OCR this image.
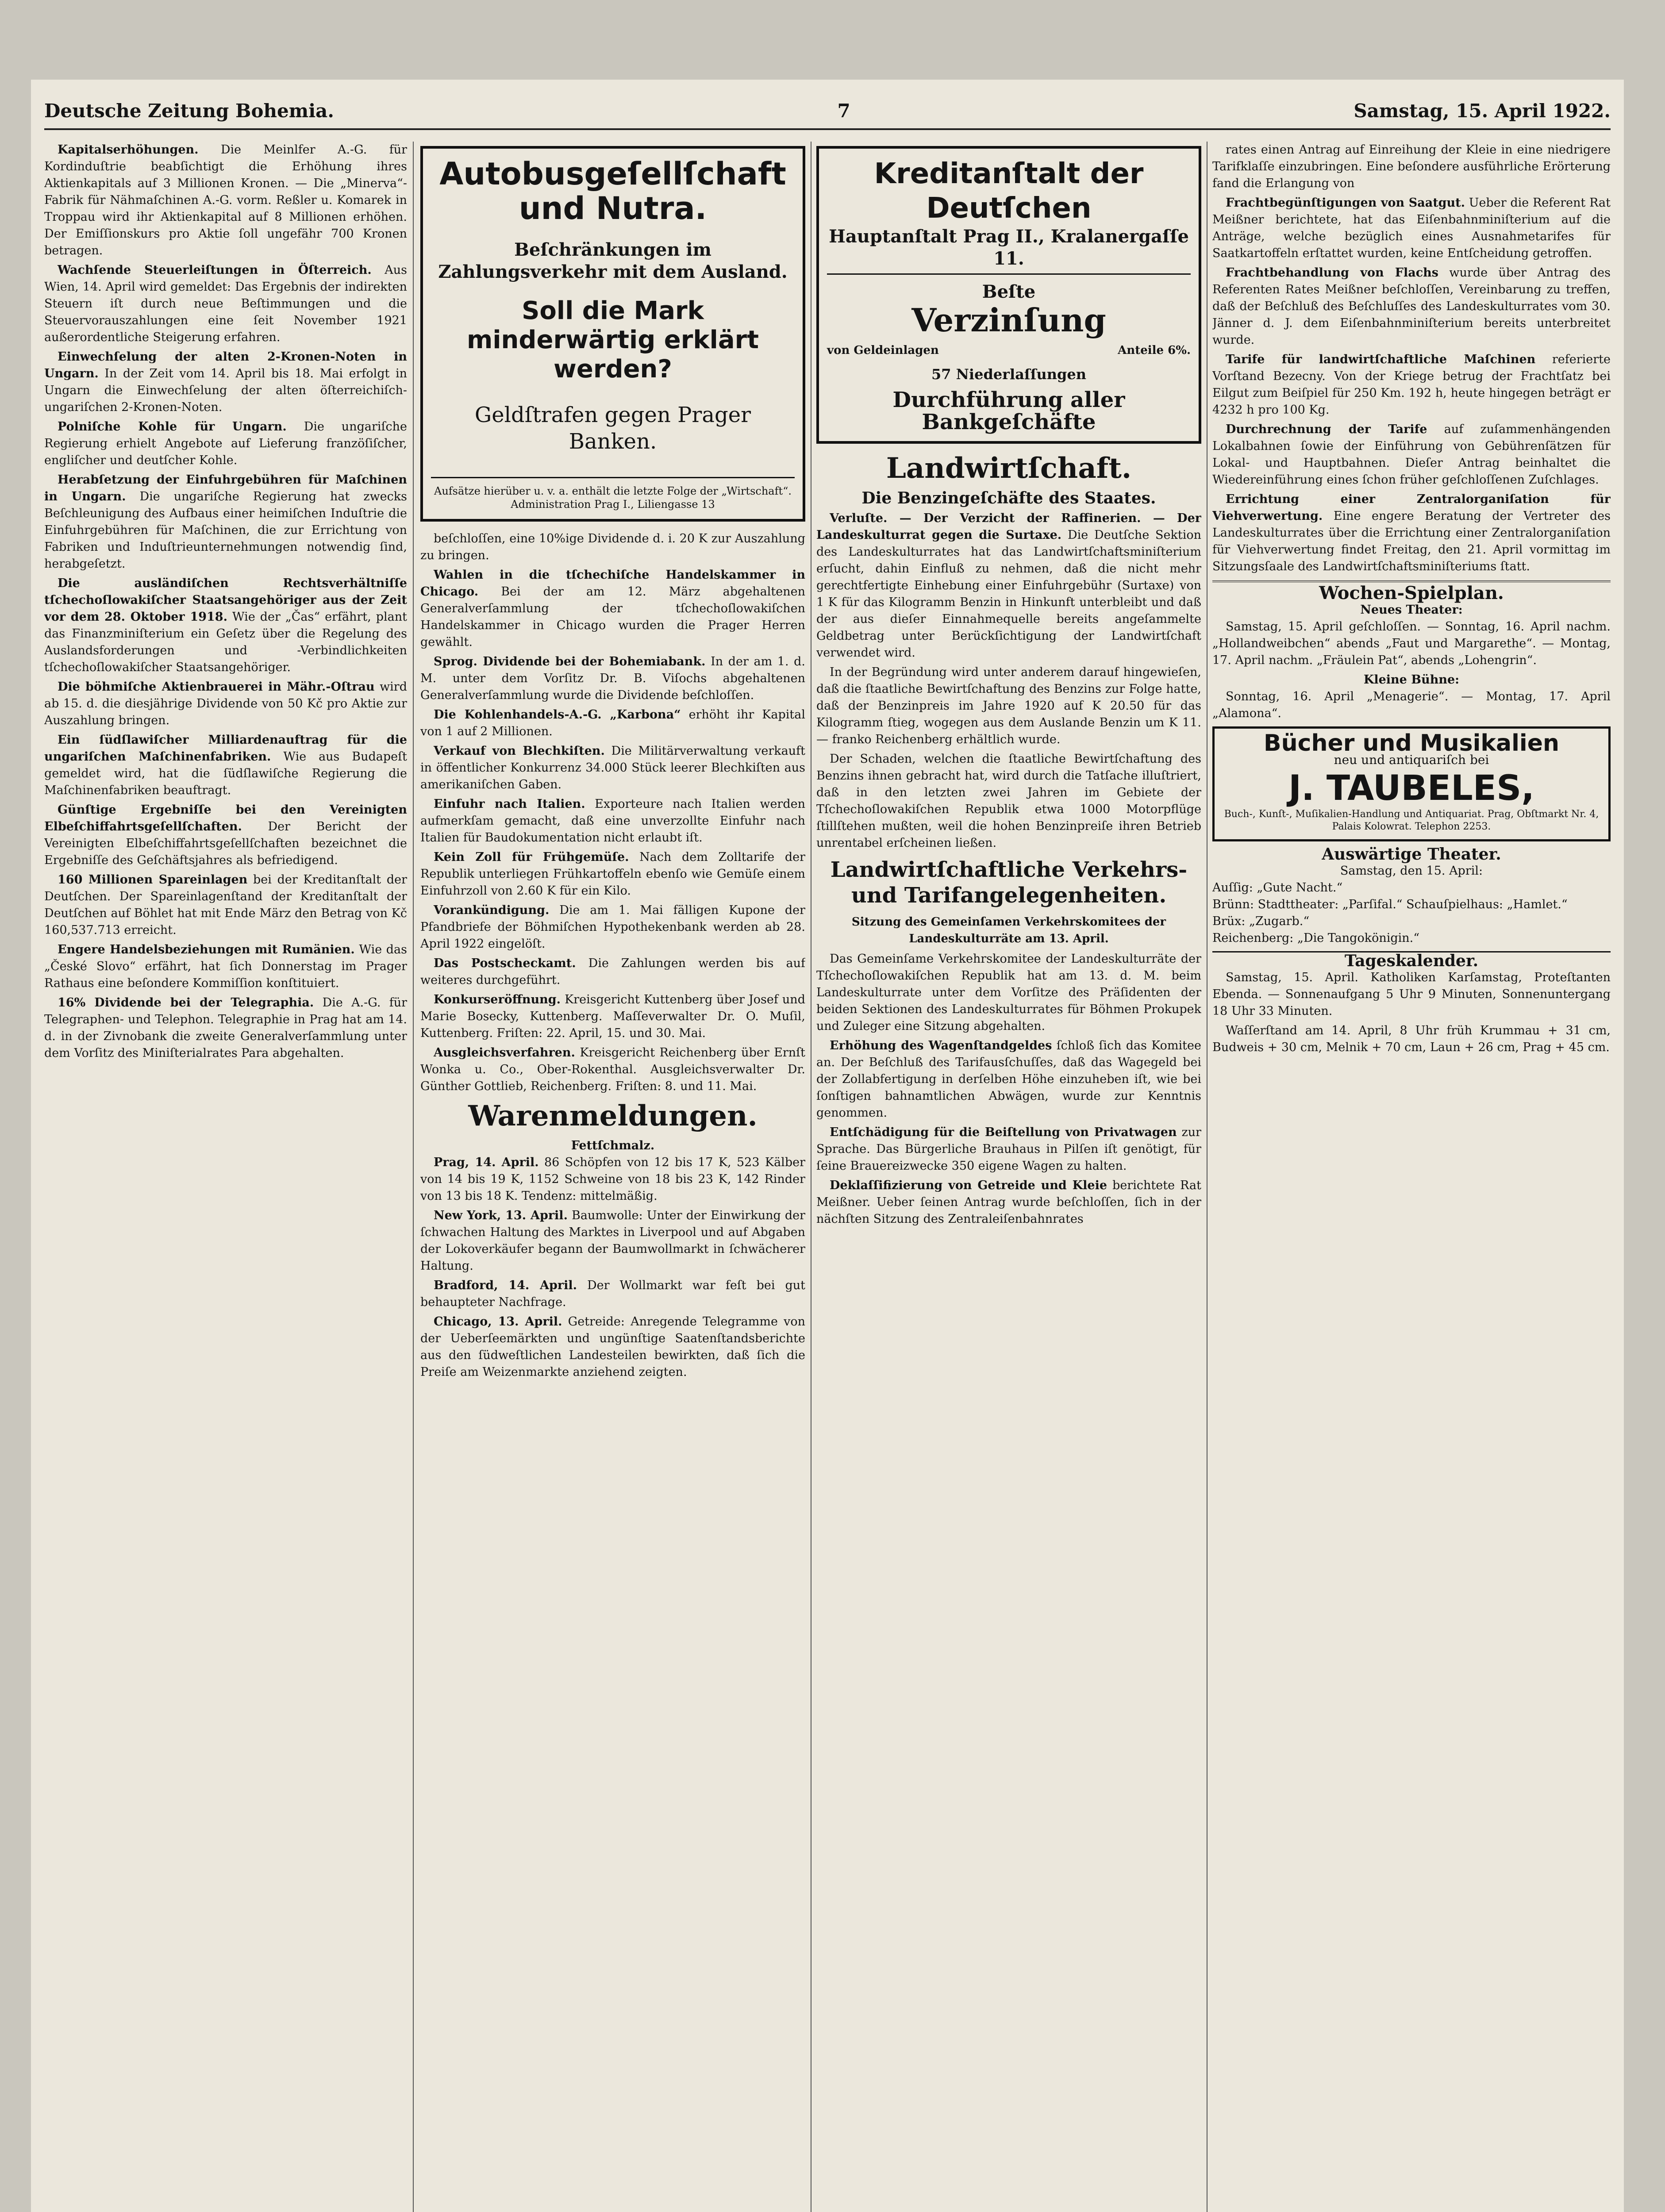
Deutsche Zeitung Bohemia.	7	Samstag, 15. April 1922.

Kapitalserhöhungen. Die Meinlfer A.-G. für Kordinduſtrie beabſichtigt die Erhöhung ihres Aktienkapitals auf 3 Millionen Kronen. — Die „Minerva“-Fabrik für Nähmaſchinen A.-G. vorm. Reßler u. Komarek in Troppau wird ihr Aktienkapital auf 8 Millionen erhöhen. Der Emiſſionskurs pro Aktie ſoll ungefähr 700 Kronen betragen.

Wachſende Steuerleiſtungen in Öſterreich. Aus Wien, 14. April wird gemeldet: Das Ergebnis der indirekten Steuern iſt durch neue Beſtimmungen und die Steuervorauszahlungen eine ſeit November 1921 außerordentliche Steigerung erfahren.

Einwechſelung der alten 2-Kronen-Noten in Ungarn. In der Zeit vom 14. April bis 18. Mai erfolgt in Ungarn die Einwechſelung der alten öſterreichiſch-ungariſchen 2-Kronen-Noten.

Polniſche Kohle für Ungarn. Die ungariſche Regierung erhielt Angebote auf Lieferung franzöſiſcher, engliſcher und deutſcher Kohle.

Herabſetzung der Einfuhrgebühren für Maſchinen in Ungarn. Die ungariſche Regierung hat zwecks Beſchleunigung des Aufbaus einer heimiſchen Induſtrie die Einfuhrgebühren für Maſchinen, die zur Errichtung von Fabriken und Induſtrieunternehmungen notwendig ſind, herabgeſetzt.

Die ausländiſchen Rechtsverhältniſſe tſchechoſlowakiſcher Staatsangehöriger aus der Zeit vor dem 28. Oktober 1918. Wie der „Čas“ erfährt, plant das Finanzminiſterium ein Geſetz über die Regelung des Auslandsforderungen und -Verbindlichkeiten tſchechoſlowakiſcher Staatsangehöriger.

Die böhmiſche Aktienbrauerei in Mähr.-Oſtrau wird ab 15. d. die diesjährige Dividende von 50 Kč pro Aktie zur Auszahlung bringen.

Ein ſüdſlawiſcher Milliardenauftrag für die ungariſchen Maſchinenfabriken. Wie aus Budapeſt gemeldet wird, hat die ſüdſlawiſche Regierung die Maſchinenfabriken beauftragt.

Günſtige Ergebniſſe bei den Vereinigten Elbeſchiffahrtsgeſellſchaften. Der Bericht der Vereinigten Elbeſchiffahrtsgeſellſchaften bezeichnet die Ergebniſſe des Geſchäftsjahres als befriedigend.

160 Millionen Spareinlagen bei der Kreditanſtalt der Deutſchen. Der Spareinlagenſtand der Kreditanſtalt der Deutſchen auf Böhlet hat mit Ende März den Betrag von Kč 160,537.713 erreicht.

Engere Handelsbeziehungen mit Rumänien. Wie das „České Slovo“ erfährt, hat ſich Donnerstag im Prager Rathaus eine beſondere Kommiſſion konſtituiert.

16% Dividende bei der Telegraphia. Die A.-G. für Telegraphen- und Telephon. Telegraphie in Prag hat am 14. d. in der Zivnobank die zweite Generalverſammlung unter dem Vorſitz des Miniſterialrates Para abgehalten.

Autobusgeſellſchaft und Nutra.
Beſchränkungen im Zahlungsverkehr mit dem Ausland.
Soll die Mark minderwärtig erklärt werden?
Geldſtrafen gegen Prager Banken.
Aufsätze hierüber u. v. a. enthält die letzte Folge der „Wirtschaft“. Administration Prag I., Liliengasse 13

beſchloſſen, eine 10%ige Dividende d. i. 20 K zur Auszahlung zu bringen.

Wahlen in die tſchechiſche Handelskammer in Chicago. Bei der am 12. März abgehaltenen Generalverſammlung der tſchechoſlowakiſchen Handelskammer in Chicago wurden die Prager Herren gewählt.

Sprog. Dividende bei der Bohemiabank. In der am 1. d. M. unter dem Vorſitz Dr. B. Viſochs abgehaltenen Generalverſammlung wurde die Dividende beſchloſſen.

Die Kohlenhandels-A.-G. „Karbona“ erhöht ihr Kapital von 1 auf 2 Millionen.

Verkauf von Blechkiſten. Die Militärverwaltung verkauft in öffentlicher Konkurrenz 34.000 Stück leerer Blechkiſten aus amerikaniſchen Gaben.

Einfuhr nach Italien. Exporteure nach Italien werden aufmerkſam gemacht, daß eine unverzollte Einfuhr nach Italien für Baudokumentation nicht erlaubt iſt.

Kein Zoll für Frühgemüſe. Nach dem Zolltarife der Republik unterliegen Frühkartoffeln ebenſo wie Gemüſe einem Einfuhrzoll von 2.60 K für ein Kilo.

Vorankündigung. Die am 1. Mai fälligen Kupone der Pfandbriefe der Böhmiſchen Hypothekenbank werden ab 28. April 1922 eingelöſt.

Das Postscheckamt. Die Zahlungen werden bis auf weiteres durchgeführt.

Konkurseröffnung. Kreisgericht Kuttenberg über Josef und Marie Bosecky, Kuttenberg. Maſſeverwalter Dr. O. Muſil, Kuttenberg. Friſten: 22. April, 15. und 30. Mai.

Ausgleichsverfahren. Kreisgericht Reichenberg über Ernſt Wonka u. Co., Ober-Rokenthal. Ausgleichsverwalter Dr. Günther Gottlieb, Reichenberg. Friſten: 8. und 11. Mai.

Warenmeldungen.
Fettſchmalz.

Prag, 14. April. 86 Schöpfen von 12 bis 17 K, 523 Kälber von 14 bis 19 K, 1152 Schweine von 18 bis 23 K, 142 Rinder von 13 bis 18 K. Tendenz: mittelmäßig.

New York, 13. April. Baumwolle: Unter der Einwirkung der ſchwachen Haltung des Marktes in Liverpool und auf Abgaben der Lokoverkäufer begann der Baumwollmarkt in ſchwächerer Haltung.

Bradford, 14. April. Der Wollmarkt war feſt bei gut behaupteter Nachfrage.

Chicago, 13. April. Getreide: Anregende Telegramme von der Ueberſeemärkten und ungünſtige Saatenſtandsberichte aus den ſüdweſtlichen Landesteilen bewirkten, daß ſich die Preiſe am Weizenmarkte anziehend zeigten.

Kreditanſtalt der Deutſchen
Hauptanſtalt Prag II., Kralanergaſſe 11.
Beſte
Verzinſung
von Geldeinlagen	Anteile 6%.
57 Niederlaſſungen
Durchführung aller Bankgeſchäfte
Landwirtſchaft.
Die Benzingeſchäfte des Staates.

Verluſte. — Der Verzicht der Raffinerien. — Der Landeskulturrat gegen die Surtaxe. Die Deutſche Sektion des Landeskulturrates hat das Landwirtſchaftsminiſterium erſucht, dahin Einfluß zu nehmen, daß die nicht mehr gerechtfertigte Einhebung einer Einfuhrgebühr (Surtaxe) von 1 K für das Kilogramm Benzin in Hinkunft unterbleibt und daß der aus dieſer Einnahmequelle bereits angeſammelte Geldbetrag unter Berückſichtigung der Landwirtſchaft verwendet wird.

In der Begründung wird unter anderem darauf hingewieſen, daß die ſtaatliche Bewirtſchaftung des Benzins zur Folge hatte, daß der Benzinpreis im Jahre 1920 auf K 20.50 für das Kilogramm ſtieg, wogegen aus dem Auslande Benzin um K 11.— franko Reichenberg erhältlich wurde.

Der Schaden, welchen die ſtaatliche Bewirtſchaftung des Benzins ihnen gebracht hat, wird durch die Tatſache illuſtriert, daß in den letzten zwei Jahren im Gebiete der Tſchechoſlowakiſchen Republik etwa 1000 Motorpflüge ſtillſtehen mußten, weil die hohen Benzinpreiſe ihren Betrieb unrentabel erſcheinen ließen.

Landwirtſchaftliche Verkehrs- und Tarifangelegenheiten.
Sitzung des Gemeinſamen Verkehrskomitees der Landeskulturräte am 13. April.

Das Gemeinſame Verkehrskomitee der Landeskulturräte der Tſchechoſlowakiſchen Republik hat am 13. d. M. beim Landeskulturrate unter dem Vorſitze des Präſidenten der beiden Sektionen des Landeskulturrates für Böhmen Prokupek und Zuleger eine Sitzung abgehalten.

Erhöhung des Wagenſtandgeldes ſchloß ſich das Komitee an. Der Beſchluß des Tarifausſchuſſes, daß das Wagegeld bei der Zollabfertigung in derſelben Höhe einzuheben iſt, wie bei ſonſtigen bahnamtlichen Abwägen, wurde zur Kenntnis genommen.

Entſchädigung für die Beiſtellung von Privatwagen zur Sprache. Das Bürgerliche Brauhaus in Pilſen iſt genötigt, für ſeine Brauereizwecke 350 eigene Wagen zu halten.

Deklaſſifizierung von Getreide und Kleie berichtete Rat Meißner. Ueber ſeinen Antrag wurde beſchloſſen, ſich in der nächſten Sitzung des Zentraleiſenbahnrates

rates einen Antrag auf Einreihung der Kleie in eine niedrigere Tarifklaſſe einzubringen. Eine beſondere ausführliche Erörterung fand die Erlangung von

Frachtbegünſtigungen von Saatgut. Ueber die Referent Rat Meißner berichtete, hat das Eiſenbahnminiſterium auf die Anträge, welche bezüglich eines Ausnahmetarifes für Saatkartoffeln erſtattet wurden, keine Entſcheidung getroffen.

Frachtbehandlung von Flachs wurde über Antrag des Referenten Rates Meißner beſchloſſen, Vereinbarung zu treffen, daß der Beſchluß des Beſchluſſes des Landeskulturrates vom 30. Jänner d. J. dem Eiſenbahnminiſterium bereits unterbreitet wurde.

Tarife für landwirtſchaftliche Maſchinen referierte Vorſtand Bezecny. Von der Kriege betrug der Frachtſatz bei Eilgut zum Beiſpiel für 250 Km. 192 h, heute hingegen beträgt er 4232 h pro 100 Kg.

Durchrechnung der Tarife auf zuſammenhängenden Lokalbahnen ſowie der Einführung von Gebührenſätzen für Lokal- und Hauptbahnen. Dieſer Antrag beinhaltet die Wiedereinführung eines ſchon früher geſchloſſenen Zuſchlages.

Errichtung einer Zentralorganiſation für Viehverwertung. Eine engere Beratung der Vertreter des Landeskulturrates über die Errichtung einer Zentralorganiſation für Viehverwertung findet Freitag, den 21. April vormittag im Sitzungsſaale des Landwirtſchaftsminiſteriums ſtatt.

Wochen-Spielplan.
Neues Theater:

Samstag, 15. April geſchloſſen. — Sonntag, 16. April nachm. „Hollandweibchen“ abends „Faut und Margarethe“. — Montag, 17. April nachm. „Fräulein Pat“, abends „Lohengrin“.

Kleine Bühne:

Sonntag, 16. April „Menagerie“. — Montag, 17. April „Alamona“.

Bücher und Musikalien
neu und antiquariſch bei
J. TAUBELES,
Buch-, Kunſt-, Muſikalien-Handlung und Antiquariat. Prag, Obſtmarkt Nr. 4, Palais Kolowrat. Telephon 2253.
Auswärtige Theater.
Samstag, den 15. April:
Auſſig: „Gute Nacht.“
Brünn: Stadttheater: „Parſifal.“ Schauſpielhaus: „Hamlet.“
Brüx: „Zugarb.“
Reichenberg: „Die Tangokönigin.“
Tageskalender.

Samstag, 15. April. Katholiken Karſamstag, Proteſtanten Ebenda. — Sonnenaufgang 5 Uhr 9 Minuten, Sonnenuntergang 18 Uhr 33 Minuten.

Waſſerſtand am 14. April, 8 Uhr früh Krummau + 31 cm, Budweis + 30 cm, Melnik + 70 cm, Laun + 26 cm, Prag + 45 cm.
